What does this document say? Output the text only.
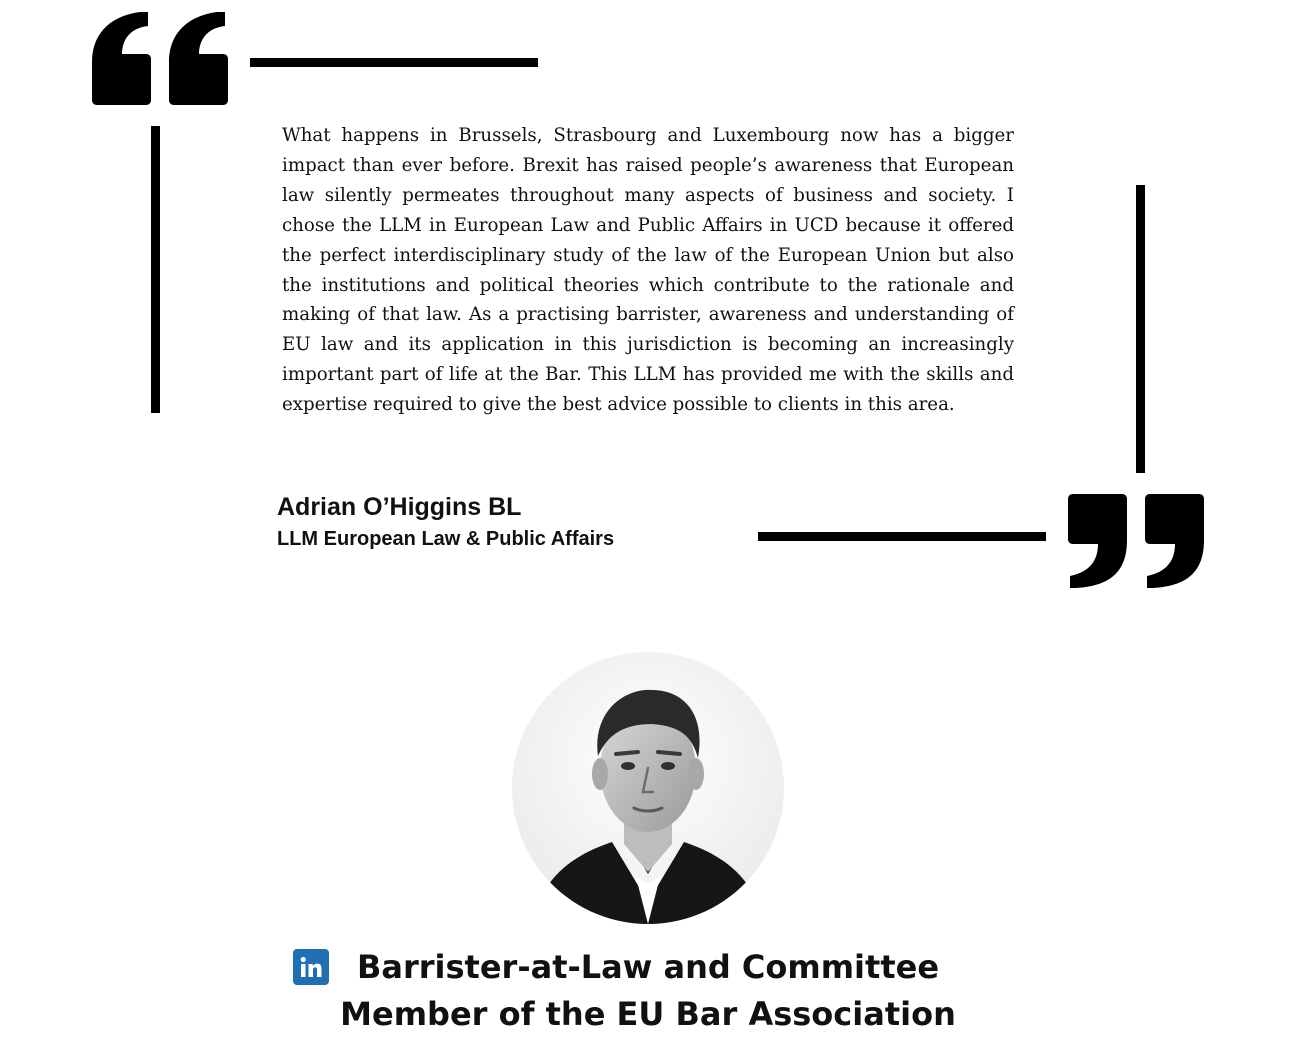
What happens in Brussels, Strasbourg and Luxembourg now has a bigger impact than ever before. Brexit has raised people’s awareness that European law silently permeates throughout many aspects of business and society. I chose the LLM in European Law and Public Affairs in UCD because it offered the perfect interdisciplinary study of the law of the European Union but also the institutions and political theories which contribute to the rationale and making of that law. As a practising barrister, awareness and understanding of EU law and its application in this jurisdiction is becoming an increasingly important part of life at the Bar. This LLM has provided me with the skills and expertise required to give the best advice possible to clients in this area.

Adrian O’Higgins BL

LLM European Law & Public Affairs

Barrister-at-Law and Committee
Member of the EU Bar Association
